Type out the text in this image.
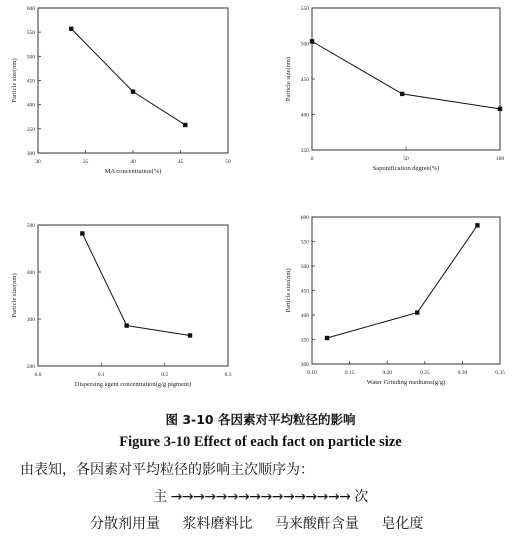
30	35	40	45	50
300
350
400
450
500
550
600
MA concentration(%)
Particle size(nm)
0	50	100
350
400
450
500
550
Saponification degree(%)
Particle size(nm)
0.0	0.1	0.2	0.3
200
300
400
500
Dispersing agent concentration(g/g pigment)
Particle size(nm)
0.10	0.15	0.20	0.25	0.30	0.35
300
350
400
450
500
550
600
Water Grinding mediums(g/g)
Particle size(nm)
图 3-10 各因素对平均粒径的影响
Figure 3-10 Effect of each fact on particle size
由表知，各因素对平均粒径的影响主次顺序为：
主 →→→→→→→→→→→→→→→→ 次
分散剂用量 浆料磨料比 马来酸酐含量 皂化度
